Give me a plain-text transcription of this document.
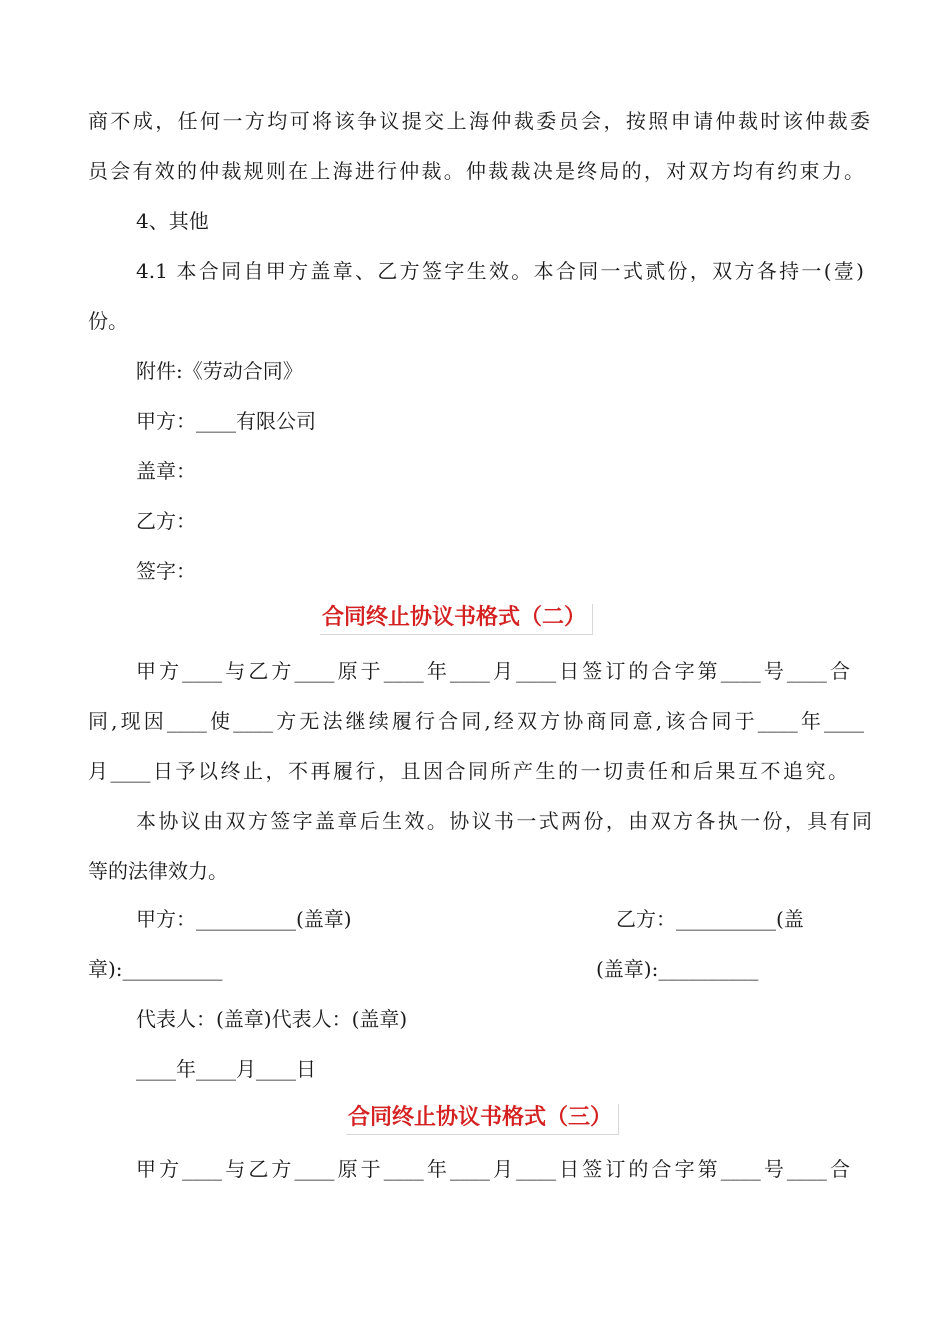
商不成，任何一方均可将该争议提交上海仲裁委员会，按照申请仲裁时该仲裁委
员会有效的仲裁规则在上海进行仲裁。仲裁裁决是终局的，对双方均有约束力。
4、其他
4.1 本合同自甲方盖章、乙方签字生效。本合同一式贰份，双方各持一(壹)
份。
附件:《劳动合同》
甲方：____有限公司
盖章：
乙方：
签字：
甲方____与乙方____原于____年____月____日签订的合字第____号____合
同,现因____使____方无法继续履行合同,经双方协商同意,该合同于____年____
月____日予以终止，不再履行，且因合同所产生的一切责任和后果互不追究。
本协议由双方签字盖章后生效。协议书一式两份，由双方各执一份，具有同
等的法律效力。
甲方：__________(盖章)	乙方：__________(盖
章):__________	(盖章):__________
代表人：(盖章)代表人：(盖章)
____年____月____日
甲方____与乙方____原于____年____月____日签订的合字第____号____合
合同终止协议书格式（二）
合同终止协议书格式（三）
